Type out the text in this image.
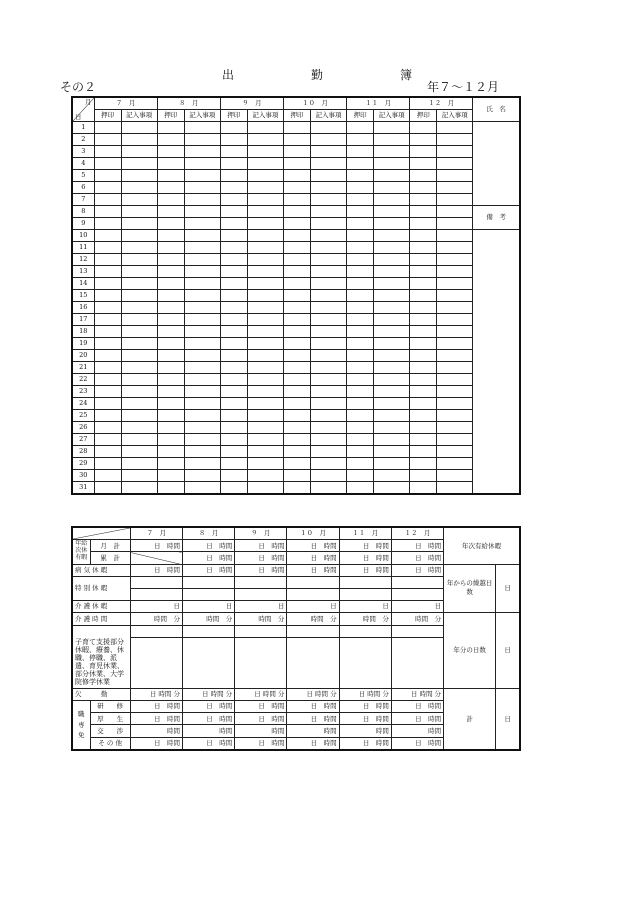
出	勤	簿
その２	年７～１２月
月
日	７　月		８　月		９　月		１０　月		１１　月		１２　月		氏　名
	押印	記入事項	押印	記入事項	押印	記入事項	押印	記入事項	押印	記入事項	押印	記入事項	
1													
2													
3													
4													
5													
6													
7													
8													備　考
9													
10													
11													
12													
13													
14													
15													
16													
17													
18													
19													
20													
21													
22													
23													
24													
25													
26													
27													
28													
29													
30													
31													
		７　月	８　月	９　月	１０　月	１１　月	１２　月	年次有給休暇	
年給
次休
有暇	月　計	日　時間	日　時間	日　時間	日　時間	日　時間	日　時間		
	累　計		日　時間	日　時間	日　時間	日　時間	日　時間		
病 気 休 暇		日　時間	日　時間	日　時間	日　時間	日　時間	日　時間	年からの繰越日数	日
特 別 休 暇									

介 護 休 暇		日	日	日	日	日	日		
介 護 時 間		時間　分	時間　分	時間　分	時間　分	時間　分	時間　分	年分の日数	日
子育て支援部分休暇、療養、休職、停職、派遣、育児休業、部分休業、大学院修学休業									

欠　　　勤		日 時間 分	日 時間 分	日 時間 分	日 時間 分	日 時間 分	日 時間 分	計	日
職
専
免	研　　修	日　時間	日　時間	日　時間	日　時間	日　時間	日　時間		
	厚　　生	日　時間	日　時間	日　時間	日　時間	日　時間	日　時間		
	交　　渉	時間	時間	時間	時間	時間	時間		
	そ の 他	日　時間	日　時間	日　時間	日　時間	日　時間	日　時間		
